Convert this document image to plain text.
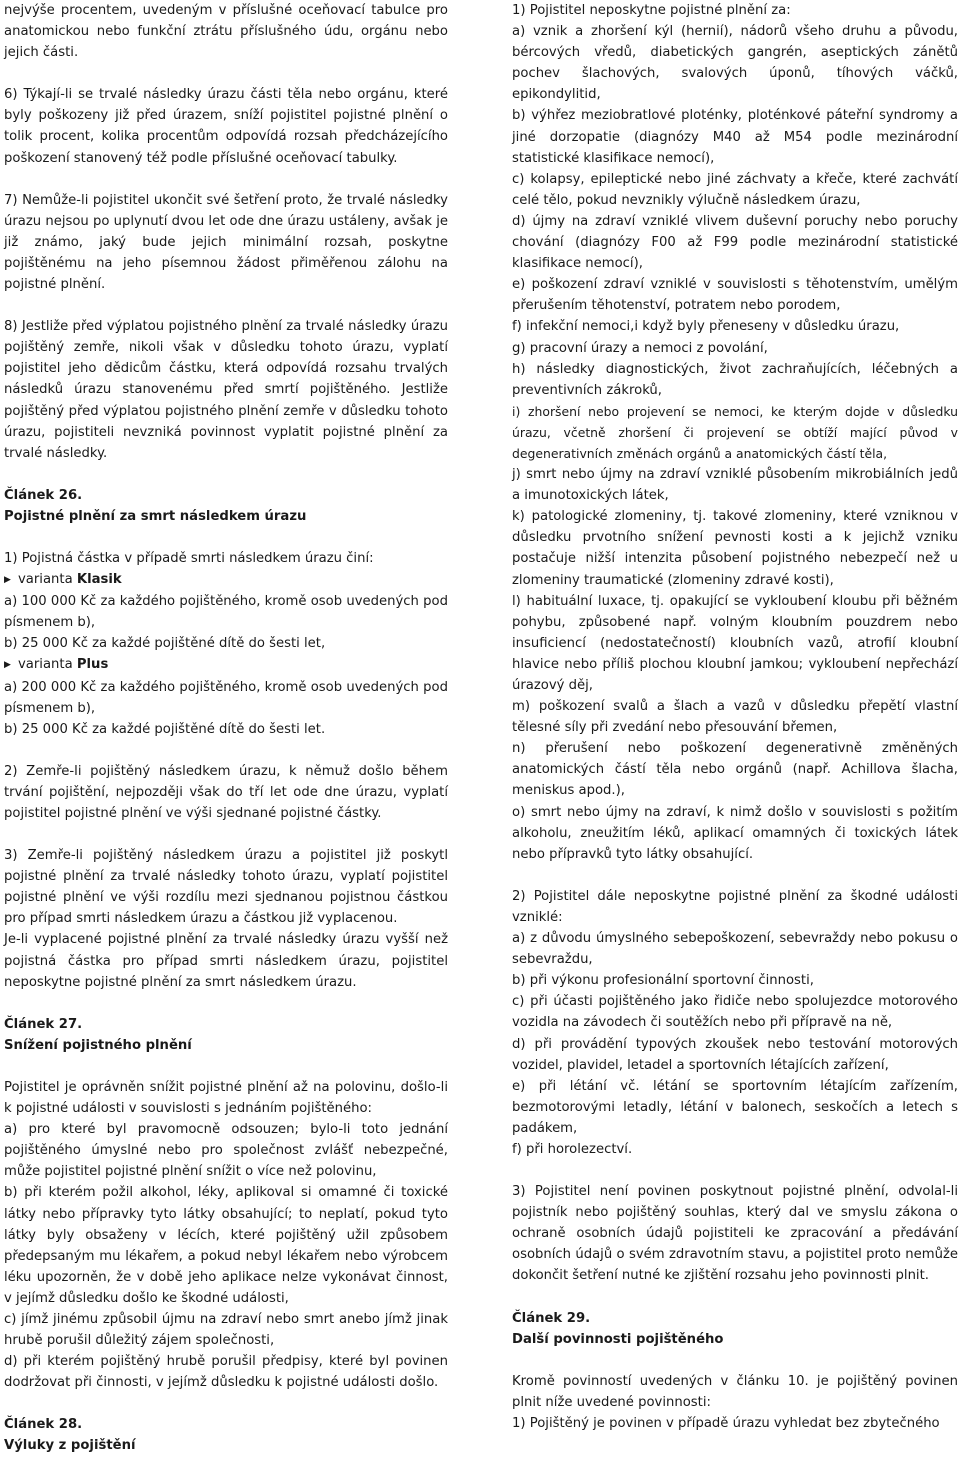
nejvýše procentem, uvedeným v příslušné oceňovací tabulce pro anatomickou nebo funkční ztrátu příslušného údu, orgánu nebo jejich části.

6) Týkají-li se trvalé následky úrazu části těla nebo orgánu, které byly poškozeny již před úrazem, sníží pojistitel pojistné plnění o tolik procent, kolika procentům odpovídá rozsah předcházejícího poškození stanovený též podle příslušné oceňovací tabulky.

7) Nemůže-li pojistitel ukončit své šetření proto, že trvalé následky úrazu nejsou po uplynutí dvou let ode dne úrazu ustáleny, avšak je již známo, jaký bude jejich minimální rozsah, poskytne pojištěnému na jeho písemnou žádost přiměřenou zálohu na pojistné plnění.

8) Jestliže před výplatou pojistného plnění za trvalé následky úrazu pojištěný zemře, nikoli však v důsledku tohoto úrazu, vyplatí pojistitel jeho dědicům částku, která odpovídá rozsahu trvalých následků úrazu stanovenému před smrtí pojištěného. Jestliže pojištěný před výplatou pojistného plnění zemře v důsledku tohoto úrazu, pojistiteli nevzniká povinnost vyplatit pojistné plnění za trvalé následky.

Článek 26.

Pojistné plnění za smrt následkem úrazu

1) Pojistná částka v případě smrti následkem úrazu činí:

▶ varianta Klasik

a) 100 000 Kč za každého pojištěného, kromě osob uvedených pod písmenem b),

b) 25 000 Kč za každé pojištěné dítě do šesti let,

▶ varianta Plus

a) 200 000 Kč za každého pojištěného, kromě osob uvedených pod písmenem b),

b) 25 000 Kč za každé pojištěné dítě do šesti let.

2) Zemře-li pojištěný následkem úrazu, k němuž došlo během trvání pojištění, nejpozději však do tří let ode dne úrazu, vyplatí pojistitel pojistné plnění ve výši sjednané pojistné částky.

3) Zemře-li pojištěný následkem úrazu a pojistitel již poskytl pojistné plnění za trvalé následky tohoto úrazu, vyplatí pojistitel pojistné plnění ve výši rozdílu mezi sjednanou pojistnou částkou pro případ smrti následkem úrazu a částkou již vyplacenou.

Je-li vyplacené pojistné plnění za trvalé následky úrazu vyšší než pojistná částka pro případ smrti následkem úrazu, pojistitel neposkytne pojistné plnění za smrt následkem úrazu.

Článek 27.

Snížení pojistného plnění

Pojistitel je oprávněn snížit pojistné plnění až na polovinu, došlo-li k pojistné události v souvislosti s jednáním pojištěného:

a) pro které byl pravomocně odsouzen; bylo-li toto jednání pojištěného úmyslné nebo pro společnost zvlášť nebezpečné, může pojistitel pojistné plnění snížit o více než polovinu,

b) při kterém požil alkohol, léky, aplikoval si omamné či toxické látky nebo přípravky tyto látky obsahující; to neplatí, pokud tyto látky byly obsaženy v lécích, které pojištěný užil způsobem předepsaným mu lékařem, a pokud nebyl lékařem nebo výrobcem léku upozorněn, že v době jeho aplikace nelze vykonávat činnost, v jejímž důsledku došlo ke škodné události,

c) jímž jinému způsobil újmu na zdraví nebo smrt anebo jímž jinak hrubě porušil důležitý zájem společnosti,

d) při kterém pojištěný hrubě porušil předpisy, které byl povinen dodržovat při činnosti, v jejímž důsledku k pojistné události došlo.

Článek 28.

Výluky z pojištění

1) Pojistitel neposkytne pojistné plnění za:

a) vznik a zhoršení kýl (hernií), nádorů všeho druhu a původu, bércových vředů, diabetických gangrén, aseptických zánětů pochev šlachových, svalových úponů, tíhových váčků, epikondylitid,

b) výhřez meziobratlové ploténky, ploténkové páteřní syndromy a jiné dorzopatie (diagnózy M40 až M54 podle mezinárodní statistické klasifikace nemocí),

c) kolapsy, epileptické nebo jiné záchvaty a křeče, které zachvátí celé tělo, pokud nevznikly výlučně následkem úrazu,

d) újmy na zdraví vzniklé vlivem duševní poruchy nebo poruchy chování (diagnózy F00 až F99 podle mezinárodní statistické klasifikace nemocí),

e) poškození zdraví vzniklé v souvislosti s těhotenstvím, umělým přerušením těhotenství, potratem nebo porodem,

f) infekční nemoci,i když byly přeneseny v důsledku úrazu,

g) pracovní úrazy a nemoci z povolání,

h) následky diagnostických, život zachraňujících, léčebných a preventivních zákroků,

i) zhoršení nebo projevení se nemoci, ke kterým dojde v důsledku úrazu, včetně zhoršení či projevení se obtíží mající původ v degenerativních změnách orgánů a anatomických částí těla,

j) smrt nebo újmy na zdraví vzniklé působením mikrobiálních jedů a imunotoxických látek,

k) patologické zlomeniny, tj. takové zlomeniny, které vzniknou v důsledku prvotního snížení pevnosti kosti a k jejichž vzniku postačuje nižší intenzita působení pojistného nebezpečí než u zlomeniny traumatické (zlomeniny zdravé kosti),

l) habituální luxace, tj. opakující se vykloubení kloubu při běžném pohybu, způsobené např. volným kloubním pouzdrem nebo insuficiencí (nedostatečností) kloubních vazů, atrofií kloubní hlavice nebo příliš plochou kloubní jamkou; vykloubení nepřechází úrazový děj,

m) poškození svalů a šlach a vazů v důsledku přepětí vlastní tělesné síly při zvedání nebo přesouvání břemen,

n) přerušení nebo poškození degenerativně změněných anatomických částí těla nebo orgánů (např. Achillova šlacha, meniskus apod.),

o) smrt nebo újmy na zdraví, k nimž došlo v souvislosti s požitím alkoholu, zneužitím léků, aplikací omamných či toxických látek nebo přípravků tyto látky obsahující.

2) Pojistitel dále neposkytne pojistné plnění za škodné události vzniklé:

a) z důvodu úmyslného sebepoškození, sebevraždy nebo pokusu o sebevraždu,

b) při výkonu profesionální sportovní činnosti,

c) při účasti pojištěného jako řidiče nebo spolujezdce motorového vozidla na závodech či soutěžích nebo při přípravě na ně,

d) při provádění typových zkoušek nebo testování motorových vozidel, plavidel, letadel a sportovních létajících zařízení,

e) při létání vč. létání se sportovním létajícím zařízením, bezmotorovými letadly, létání v balonech, seskočích a letech s padákem,

f) při horolezectví.

3) Pojistitel není povinen poskytnout pojistné plnění, odvolal-li pojistník nebo pojištěný souhlas, který dal ve smyslu zákona o ochraně osobních údajů pojistiteli ke zpracování a předávání osobních údajů o svém zdravotním stavu, a pojistitel proto nemůže dokončit šetření nutné ke zjištění rozsahu jeho povinnosti plnit.

Článek 29.

Další povinnosti pojištěného

Kromě povinností uvedených v článku 10. je pojištěný povinen plnit níže uvedené povinnosti:

1) Pojištěný je povinen v případě úrazu vyhledat bez zbytečného
